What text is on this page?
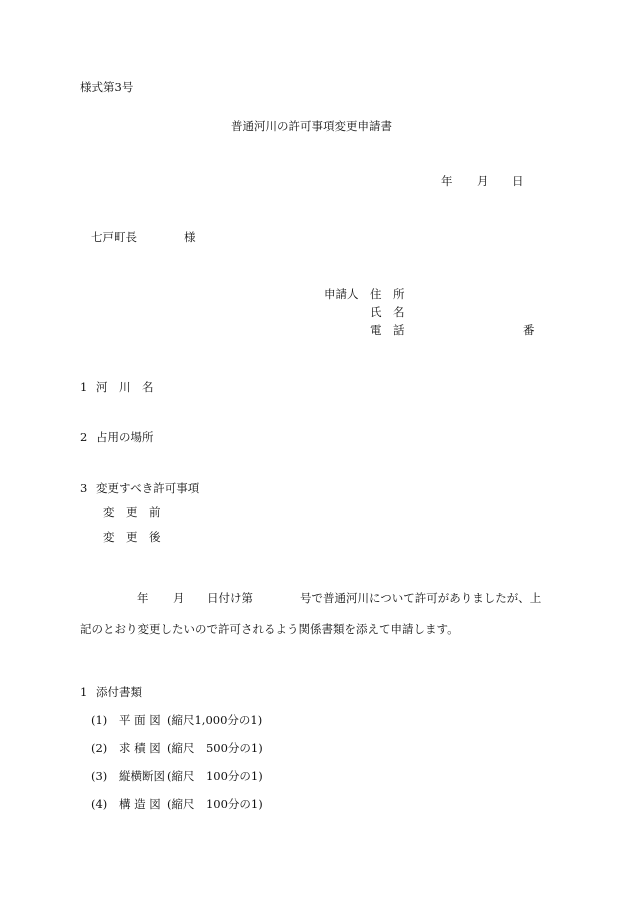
様式第3号
普通河川の許可事項変更申請書
年 月 日
七戸町長	様
申請人 住　所
氏　名
電　話	番
1 河　川　名
2 占用の場所
3 変更すべき許可事項
変　更　前
変　更　後
年 月 日付け第	号で普通河川について許可がありましたが、上
記のとおり変更したいので許可されるよう関係書類を添えて申請します。
1 添付書類
(1) 平 面 図 (縮尺1,000分の1)
(2) 求 積 図 (縮尺　500分の1)
(3) 縦横断図 (縮尺　100分の1)
(4) 構 造 図 (縮尺　100分の1)
